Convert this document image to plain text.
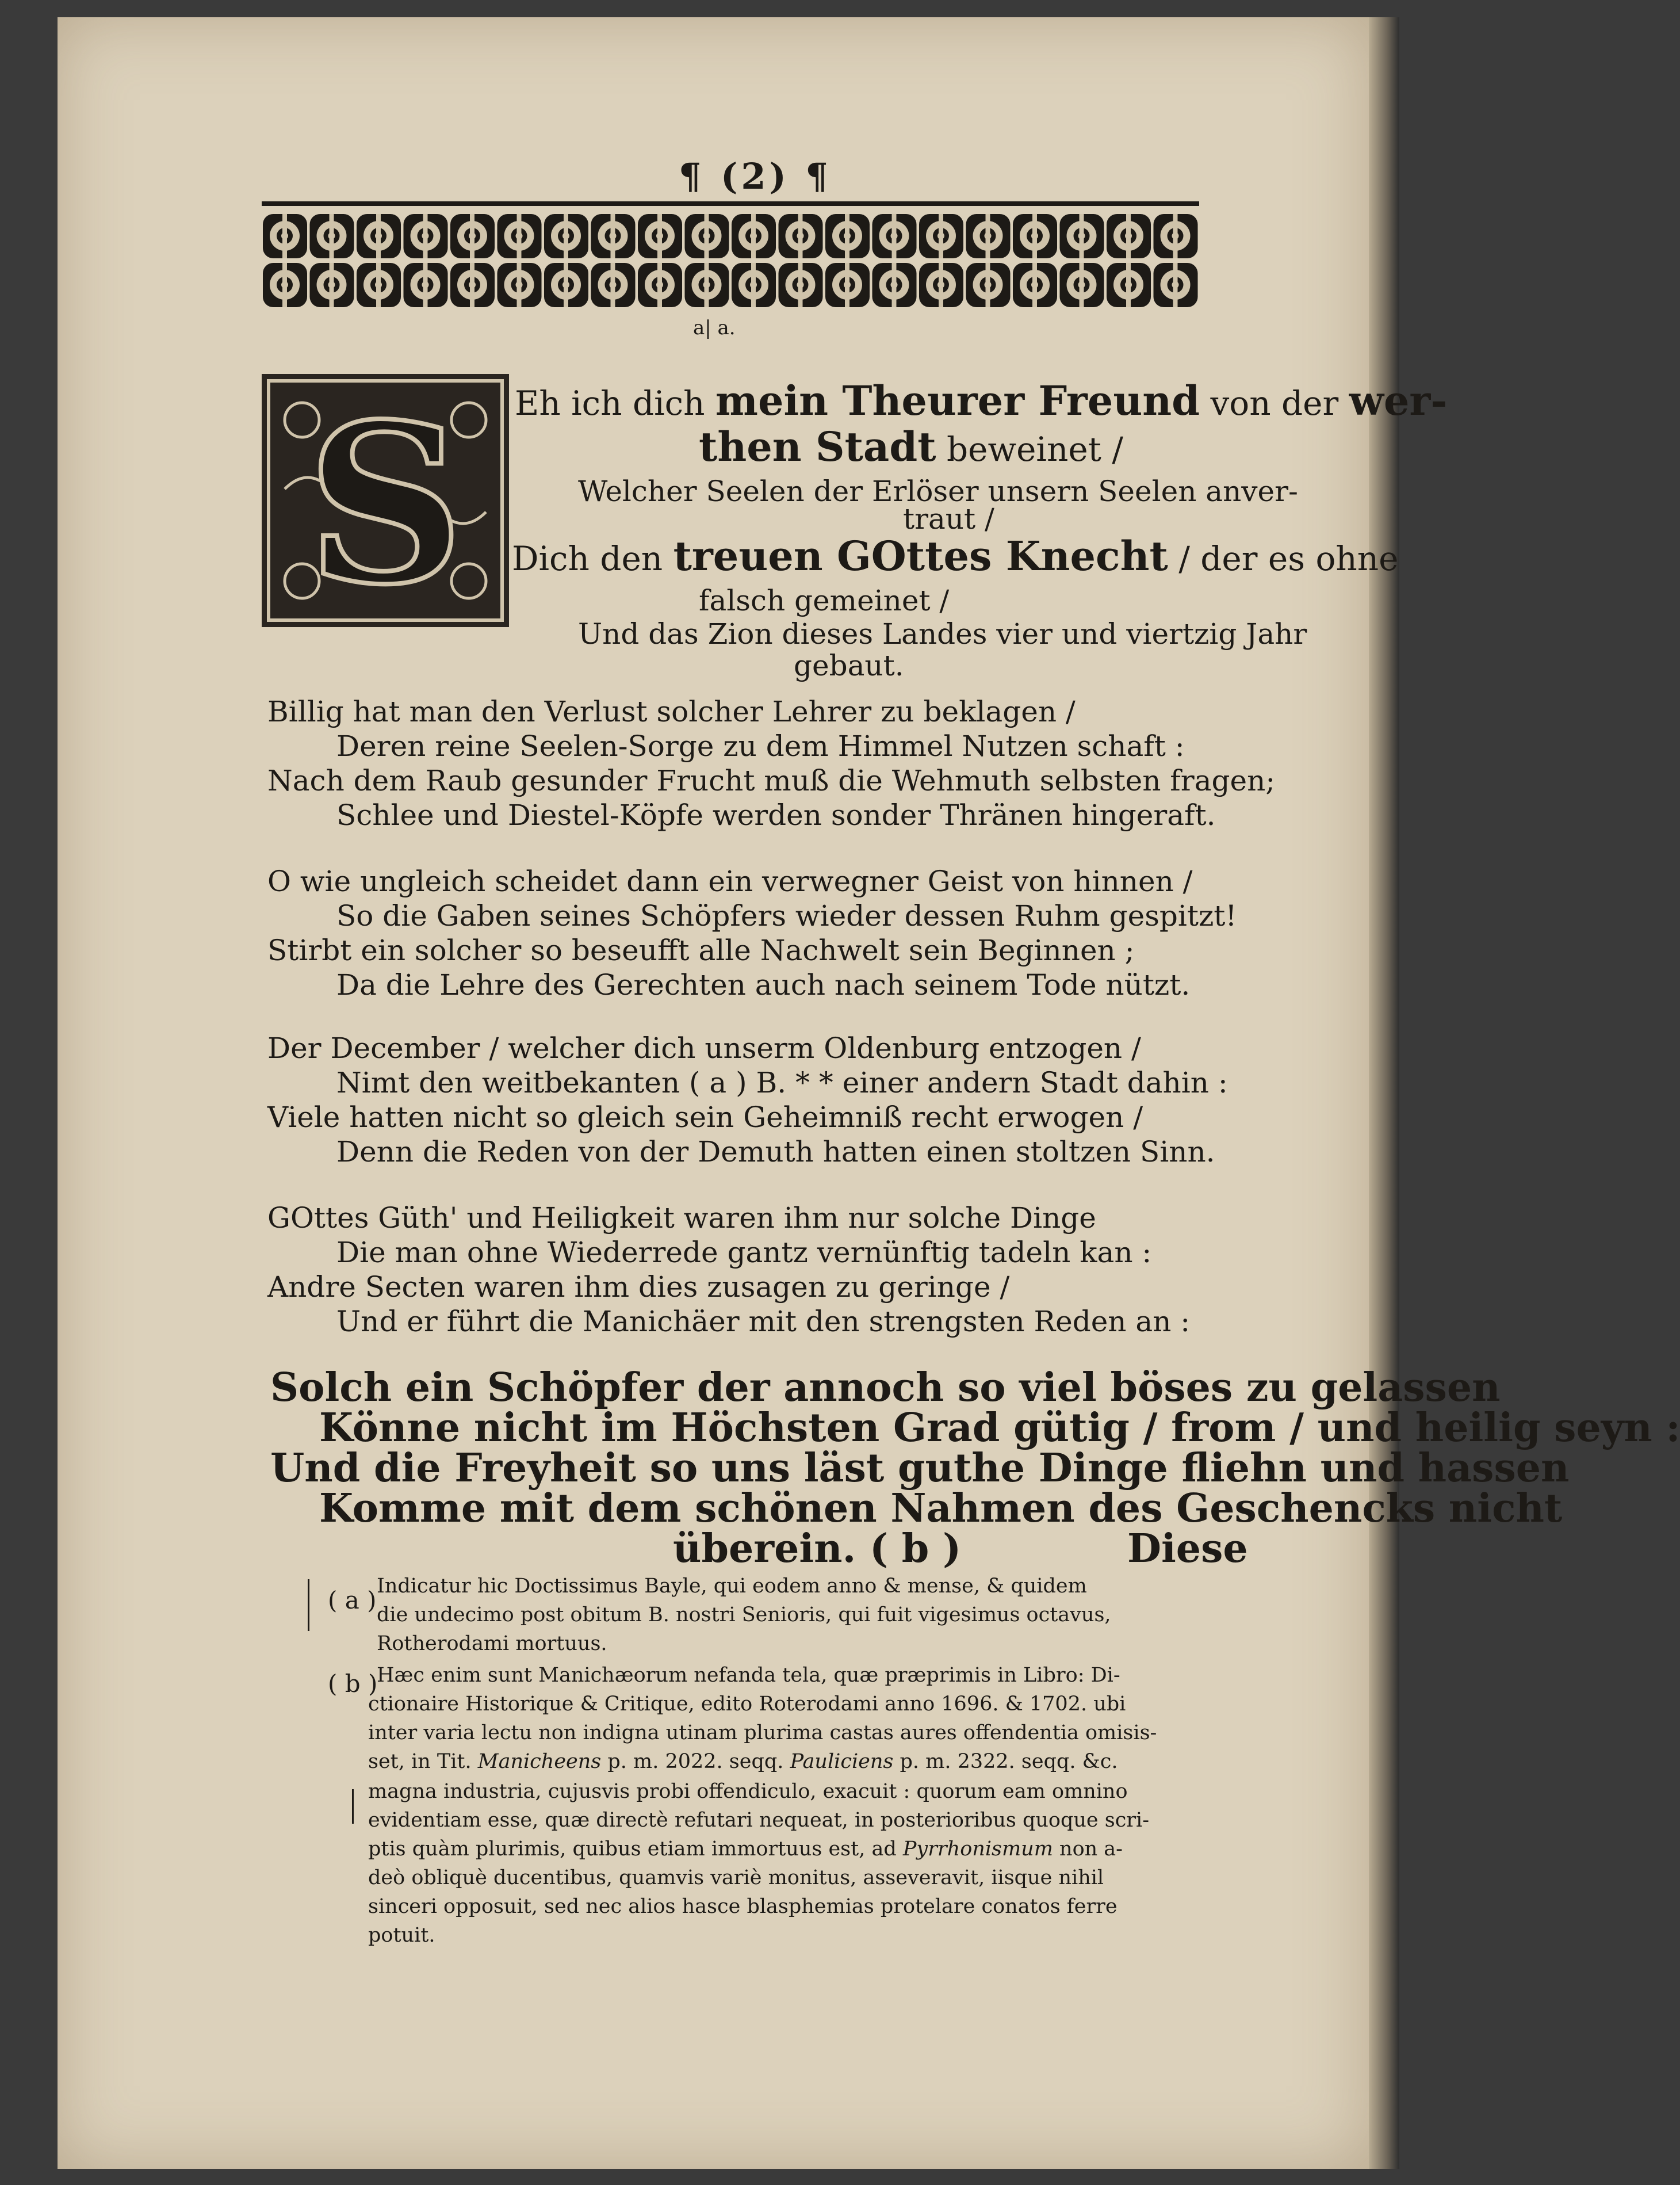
¶ (2) ¶
a| a.
S Eh ich dich mein Theurer Freund von der wer-
then Stadt beweinet /
Welcher Seelen der Erlöser unsern Seelen anver-
traut /
Dich den treuen GOttes Knecht / der es ohne
falsch gemeinet /
Und das Zion dieses Landes vier und viertzig Jahr
gebaut.
Billig hat man den Verlust solcher Lehrer zu beklagen /
Deren reine Seelen-Sorge zu dem Himmel Nutzen schaft :
Nach dem Raub gesunder Frucht muß die Wehmuth selbsten fragen;
Schlee und Diestel-Köpfe werden sonder Thränen hingeraft.
O wie ungleich scheidet dann ein verwegner Geist von hinnen /
So die Gaben seines Schöpfers wieder dessen Ruhm gespitzt!
Stirbt ein solcher so beseufft alle Nachwelt sein Beginnen ;
Da die Lehre des Gerechten auch nach seinem Tode nützt.
Der December / welcher dich unserm Oldenburg entzogen /
Nimt den weitbekanten ( a ) B. * * einer andern Stadt dahin :
Viele hatten nicht so gleich sein Geheimniß recht erwogen /
Denn die Reden von der Demuth hatten einen stoltzen Sinn.
GOttes Güth' und Heiligkeit waren ihm nur solche Dinge
Die man ohne Wiederrede gantz vernünftig tadeln kan :
Andre Secten waren ihm dies zusagen zu geringe /
Und er führt die Manichäer mit den strengsten Reden an :
Solch ein Schöpfer der annoch so viel böses zu gelassen
Könne nicht im Höchsten Grad gütig / from / und heilig seyn :
Und die Freyheit so uns läst guthe Dinge fliehn und hassen
Komme mit dem schönen Nahmen des Geschencks nicht
überein. ( b )	Diese
( a ) Indicatur hic Doctissimus Bayle, qui eodem anno & mense, & quidem
die undecimo post obitum B. nostri Senioris, qui fuit vigesimus octavus,
Rotherodami mortuus.
( b )
Hæc enim sunt Manichæorum nefanda tela, quæ præprimis in Libro: Di-
ctionaire Historique & Critique, edito Roterodami anno 1696. & 1702. ubi
inter varia lectu non indigna utinam plurima castas aures offendentia omisis-
set, in Tit. Manicheens p. m. 2022. seqq. Pauliciens p. m. 2322. seqq. &c.
magna industria, cujusvis probi offendiculo, exacuit : quorum eam omnino
evidentiam esse, quæ directè refutari nequeat, in posterioribus quoque scri-
ptis quàm plurimis, quibus etiam immortuus est, ad Pyrrhonismum non a-
deò obliquè ducentibus, quamvis variè monitus, asseveravit, iisque nihil
sinceri opposuit, sed nec alios hasce blasphemias protelare conatos ferre
potuit.
